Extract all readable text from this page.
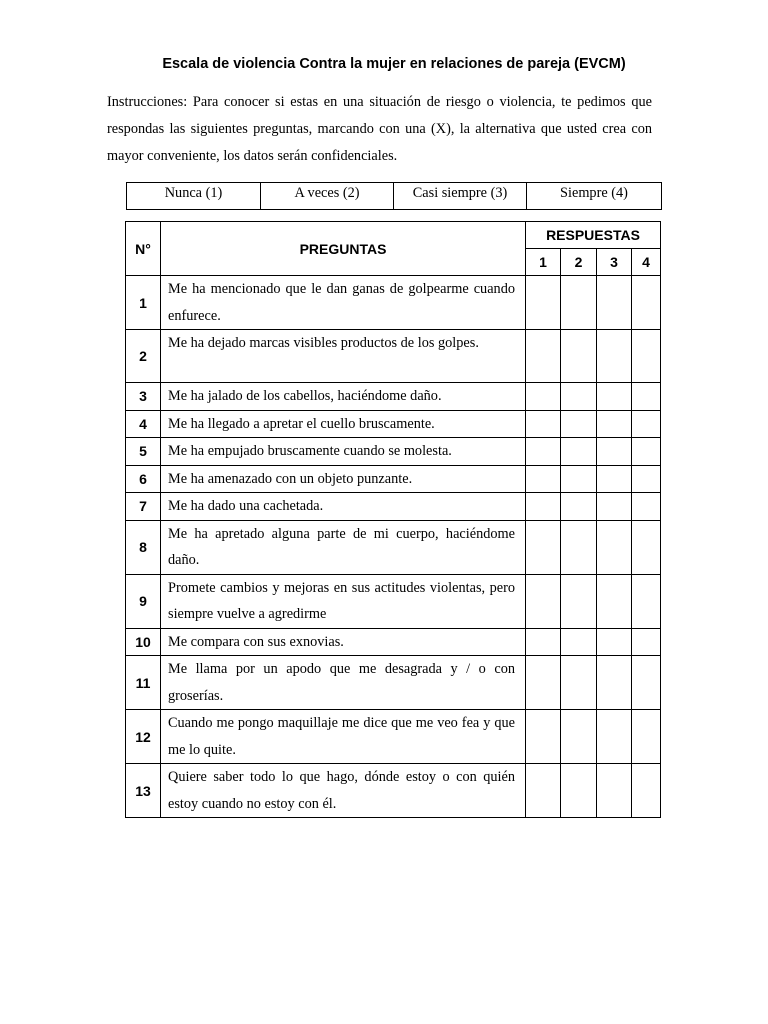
Escala de violencia Contra la mujer en relaciones de pareja (EVCM)

Instrucciones: Para conocer si estas en una situación de riesgo o violencia, te pedimos que respondas las siguientes preguntas, marcando con una (X), la alternativa que usted crea con mayor conveniente, los datos serán confidenciales.

Nunca (1)	A veces (2)	Casi siempre (3)	Siempre (4)
N°	PREGUNTAS	RESPUESTAS			
		1	2	3	4
1	Me ha mencionado que le dan ganas de golpearme cuando enfurece.				
2	Me ha dejado marcas visibles productos de los golpes.				
3	Me ha jalado de los cabellos, haciéndome daño.				
4	Me ha llegado a apretar el cuello bruscamente.				
5	Me ha empujado bruscamente cuando se molesta.				
6	Me ha amenazado con un objeto punzante.				
7	Me ha dado una cachetada.				
8	Me ha apretado alguna parte de mi cuerpo, haciéndome daño.				
9	Promete cambios y mejoras en sus actitudes violentas, pero siempre vuelve a agredirme				
10	Me compara con sus exnovias.				
11	Me llama por un apodo que me desagrada y / o con groserías.				
12	Cuando me pongo maquillaje me dice que me veo fea y que me lo quite.				
13	Quiere saber todo lo que hago, dónde estoy o con quién estoy cuando no estoy con él.				
